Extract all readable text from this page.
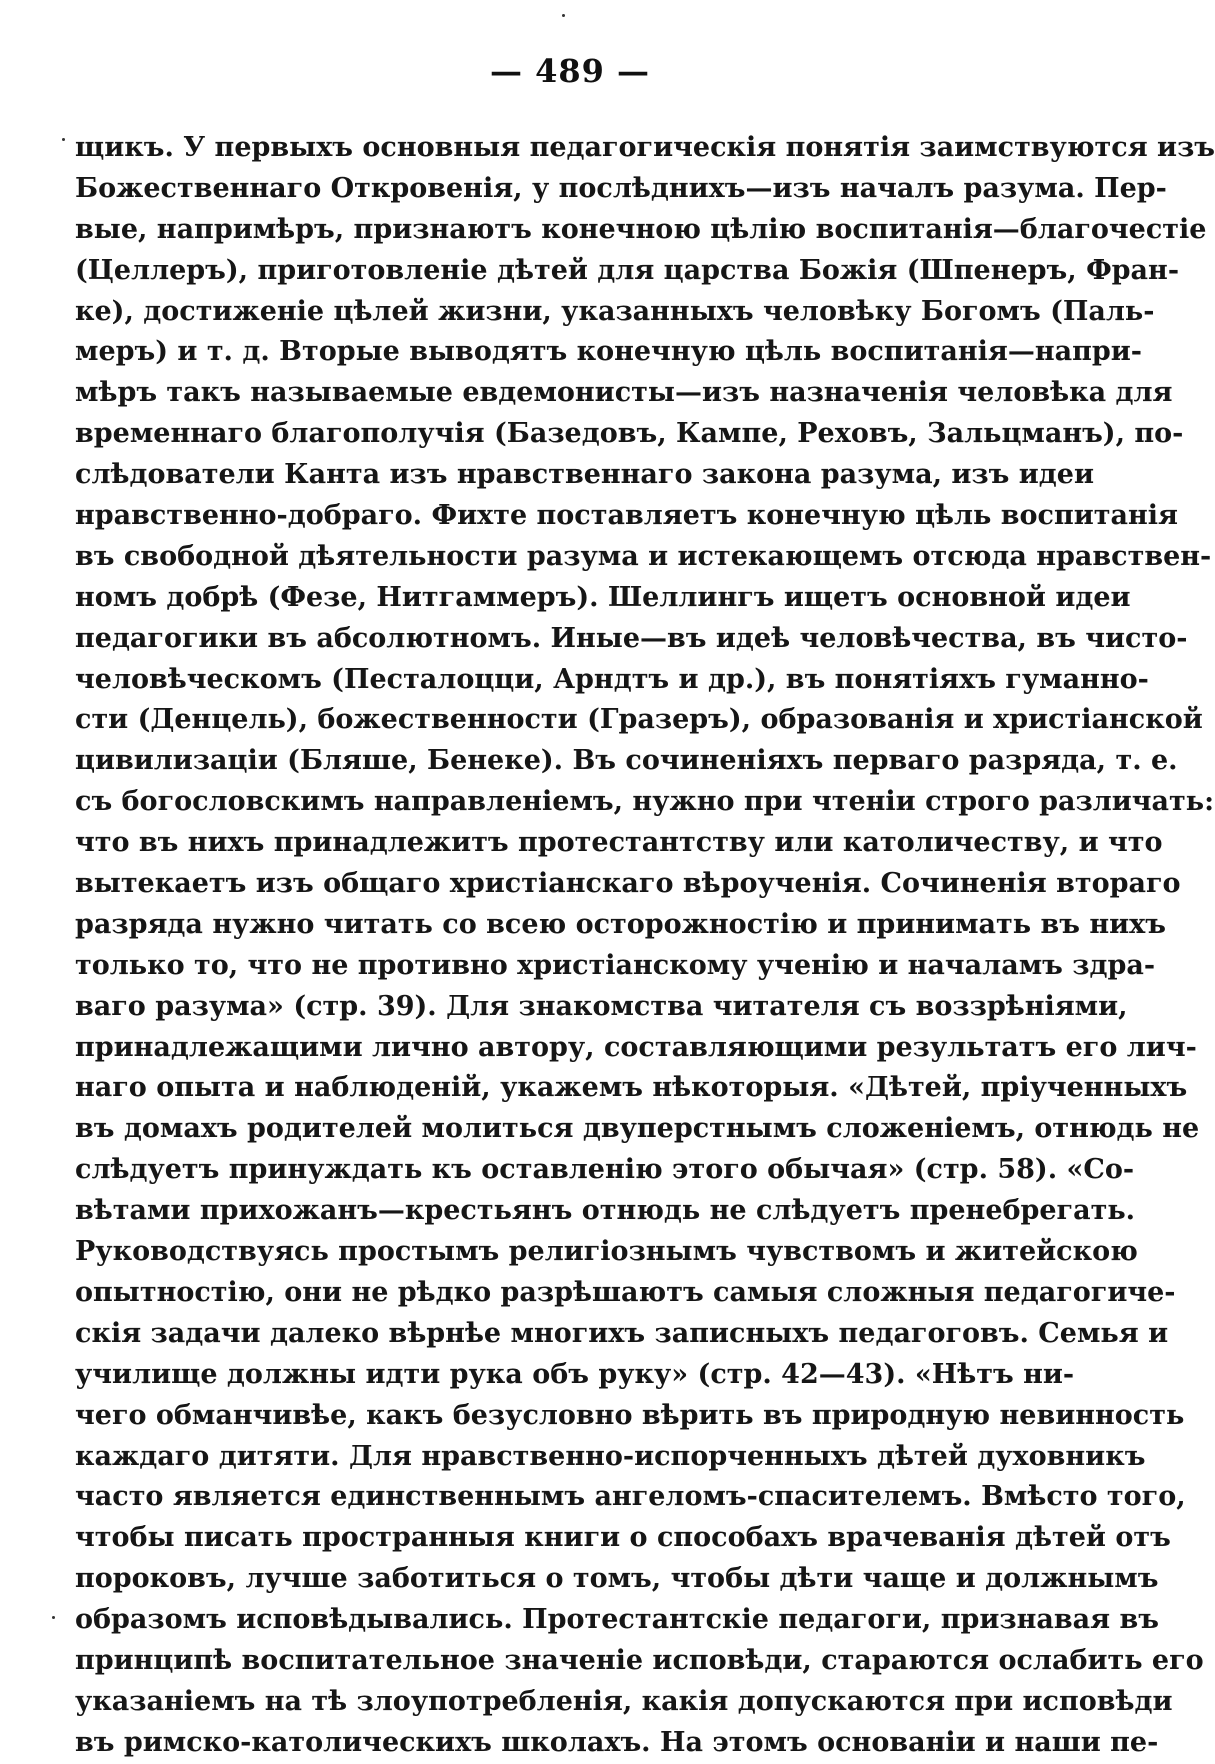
— 489 —
щикъ. У первыхъ основныя педагогическія понятія заимствуются изъ
Божественнаго Откровенія, у послѣднихъ—изъ началъ разума. Пер-
вые, напримѣръ, признаютъ конечною цѣлію воспитанія—благочестіе
(Целлеръ), приготовленіе дѣтей для царства Божія (Шпенеръ, Фран-
ке), достиженіе цѣлей жизни, указанныхъ человѣку Богомъ (Паль-
меръ) и т. д. Вторые выводятъ конечную цѣль воспитанія—напри-
мѣръ такъ называемые евдемонисты—изъ назначенія человѣка для
временнаго благополучія (Базедовъ, Кампе, Реховъ, Зальцманъ), по-
слѣдователи Канта изъ нравственнаго закона разума, изъ идеи
нравственно-добраго. Фихте поставляетъ конечную цѣль воспитанія
въ свободной дѣятельности разума и истекающемъ отсюда нравствен-
номъ добрѣ (Фезе, Нитгаммеръ). Шеллингъ ищетъ основной идеи
педагогики въ абсолютномъ. Иные—въ идеѣ человѣчества, въ чисто-
человѣческомъ (Песталоцци, Арндтъ и др.), въ понятіяхъ гуманно-
сти (Денцель), божественности (Гразеръ), образованія и христіанской
цивилизаціи (Бляше, Бенеке). Въ сочиненіяхъ перваго разряда, т. е.
съ богословскимъ направленіемъ, нужно при чтеніи строго различать:
что въ нихъ принадлежитъ протестантству или католичеству, и что
вытекаетъ изъ общаго христіанскаго вѣроученія. Сочиненія втораго
разряда нужно читать со всею осторожностію и принимать въ нихъ
только то, что не противно христіанскому ученію и началамъ здра-
ваго разума» (стр. 39). Для знакомства читателя съ воззрѣніями,
принадлежащими лично автору, составляющими результатъ его лич-
наго опыта и наблюденій, укажемъ нѣкоторыя. «Дѣтей, пріученныхъ
въ домахъ родителей молиться двуперстнымъ сложеніемъ, отнюдь не
слѣдуетъ принуждать къ оставленію этого обычая» (стр. 58). «Со-
вѣтами прихожанъ—крестьянъ отнюдь не слѣдуетъ пренебрегать.
Руководствуясь простымъ религіознымъ чувствомъ и житейскою
опытностію, они не рѣдко разрѣшаютъ самыя сложныя педагогиче-
скія задачи далеко вѣрнѣе многихъ записныхъ педагоговъ. Семья и
училище должны идти рука объ руку» (стр. 42—43). «Нѣтъ ни-
чего обманчивѣе, какъ безусловно вѣрить въ природную невинность
каждаго дитяти. Для нравственно-испорченныхъ дѣтей духовникъ
часто является единственнымъ ангеломъ-спасителемъ. Вмѣсто того,
чтобы писать пространныя книги о способахъ врачеванія дѣтей отъ
пороковъ, лучше заботиться о томъ, чтобы дѣти чаще и должнымъ
образомъ исповѣдывались. Протестантскіе педагоги, признавая въ
принципѣ воспитательное значеніе исповѣди, стараются ослабить его
указаніемъ на тѣ злоупотребленія, какія допускаются при исповѣди
въ римско-католическихъ школахъ. На этомъ основаніи и наши пе-
